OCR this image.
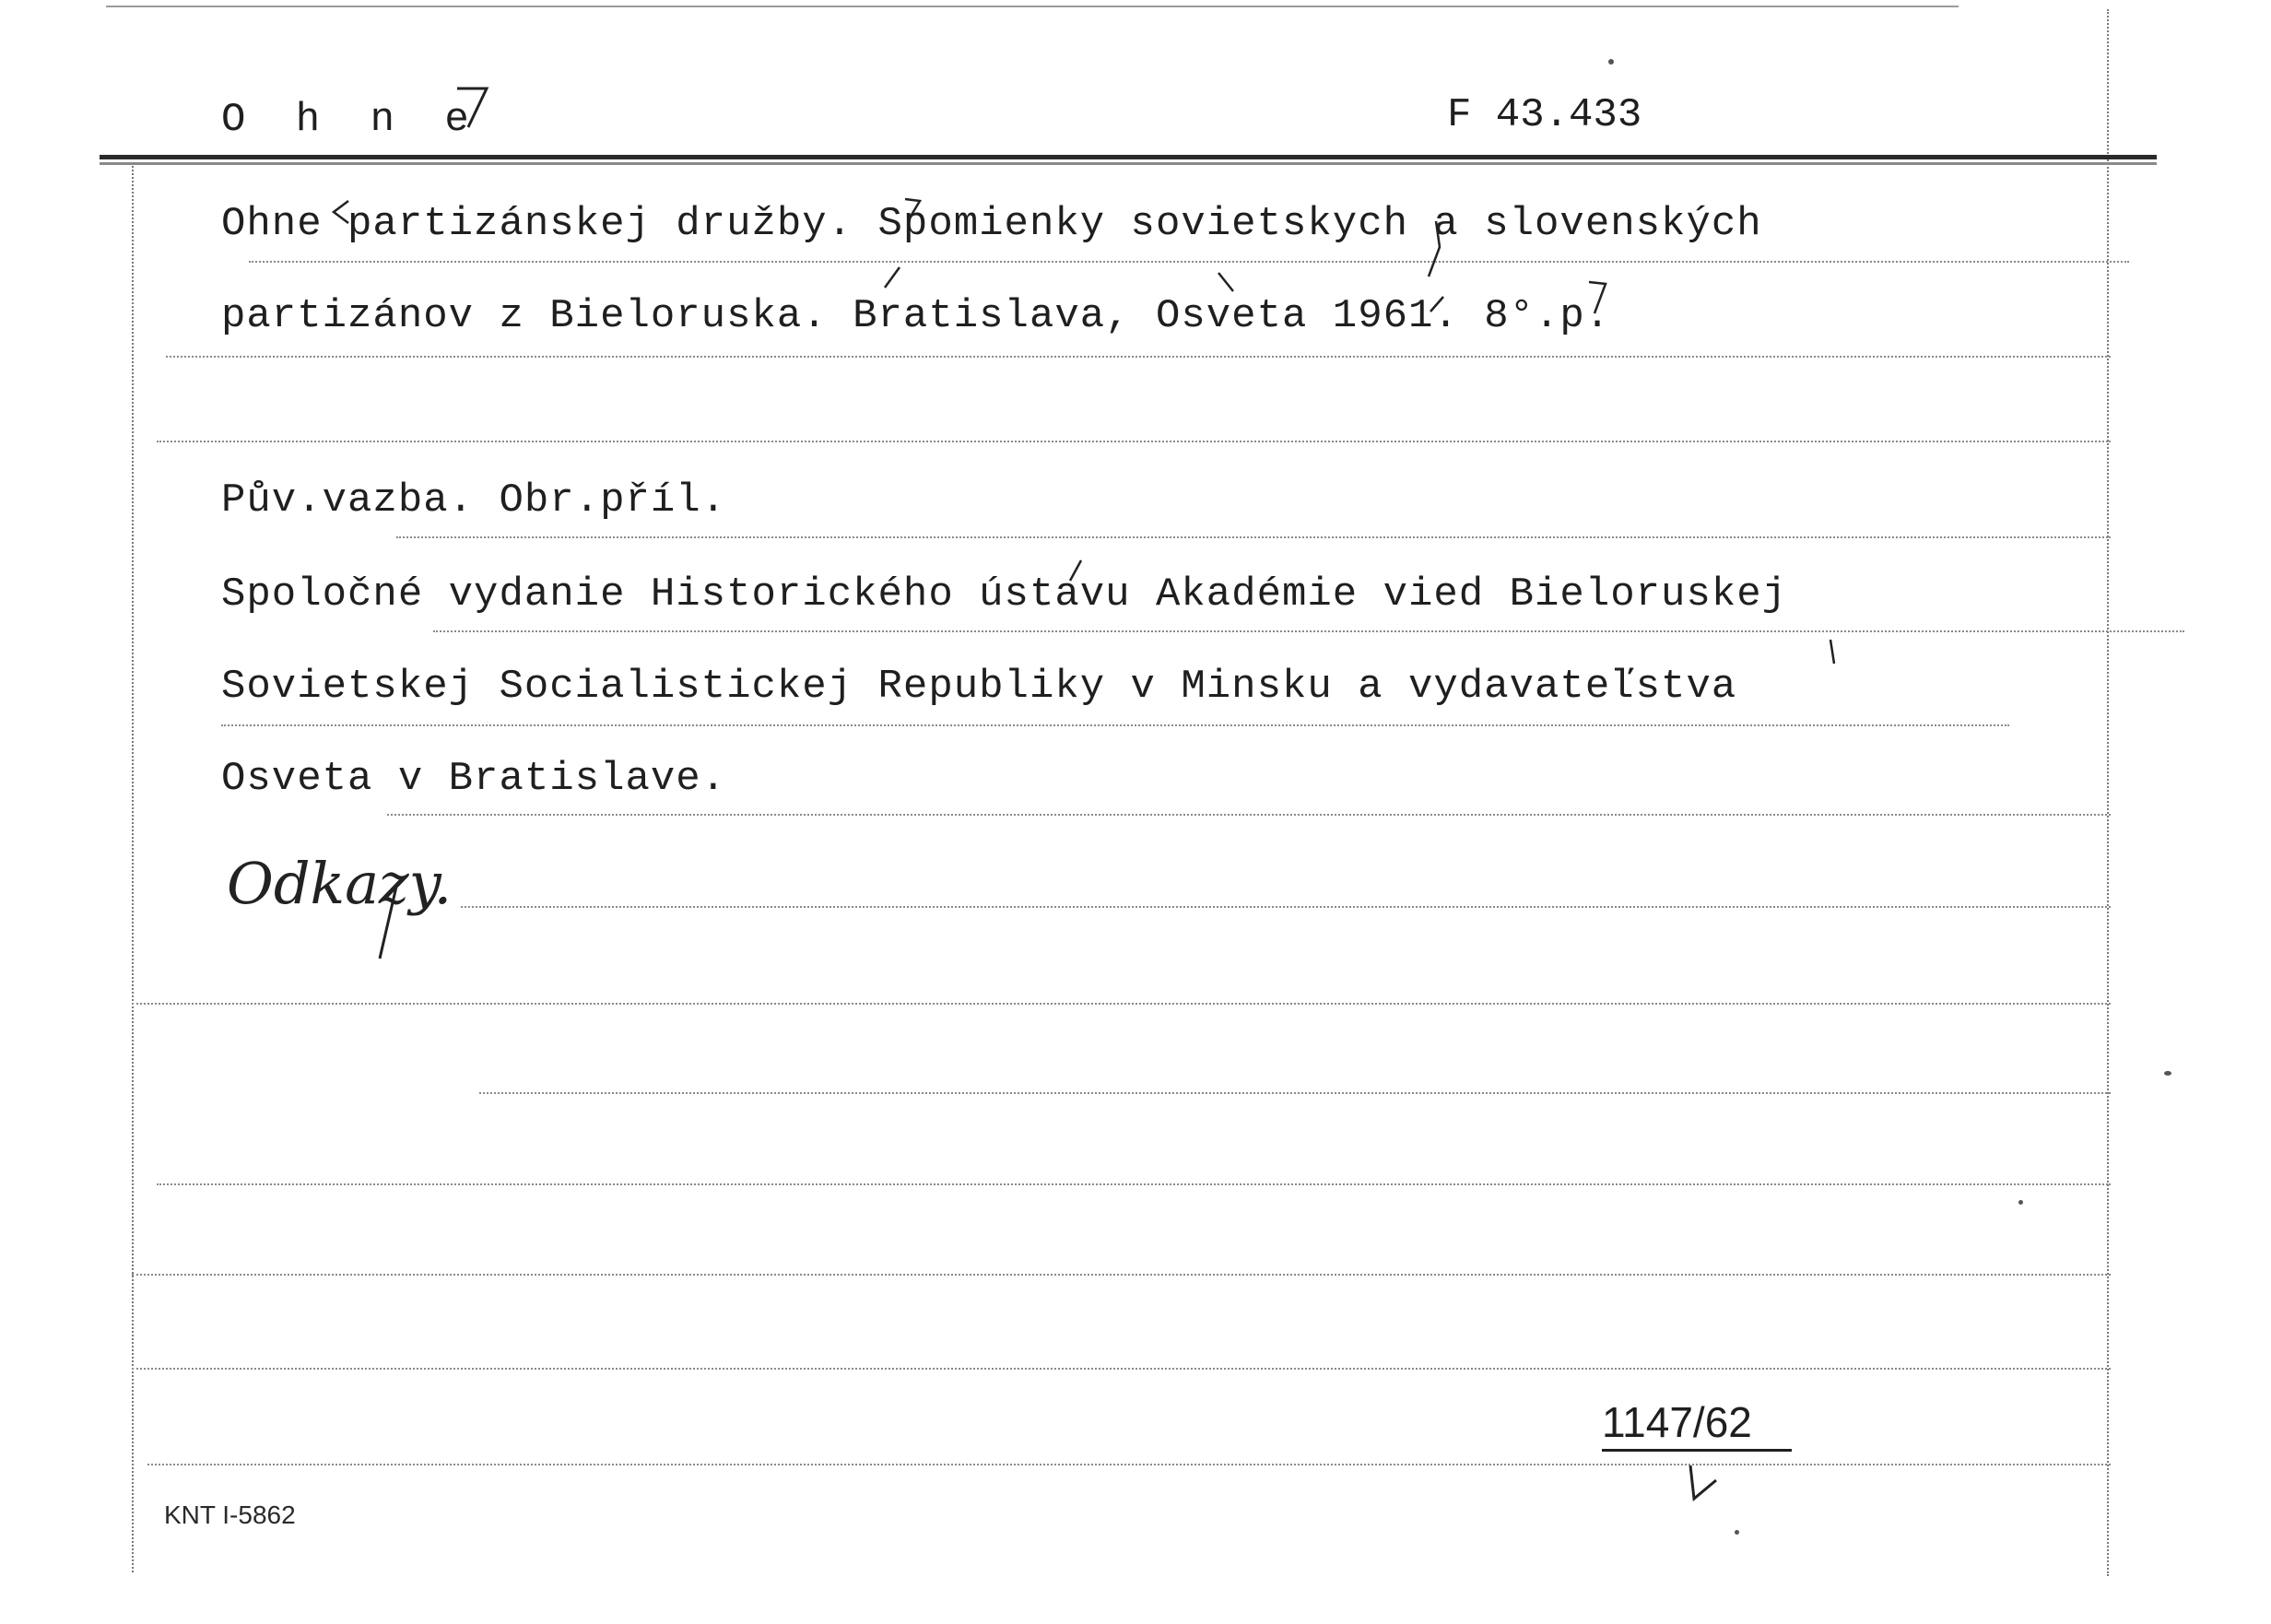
O h n e	F 43.433
Ohne partizánskej družby. Spomienky sovietskych a slovenských
partizánov z Bieloruska. Bratislava, Osveta 1961. 8°.p.
Pův.vazba. Obr.příl.
Spoločné vydanie Historického ústavu Akadémie vied Bieloruskej
Sovietskej Socialistickej Republiky v Minsku a vydavateľstva
Osveta v Bratislave.
Odkazy.
1147/62
KNT I-5862
